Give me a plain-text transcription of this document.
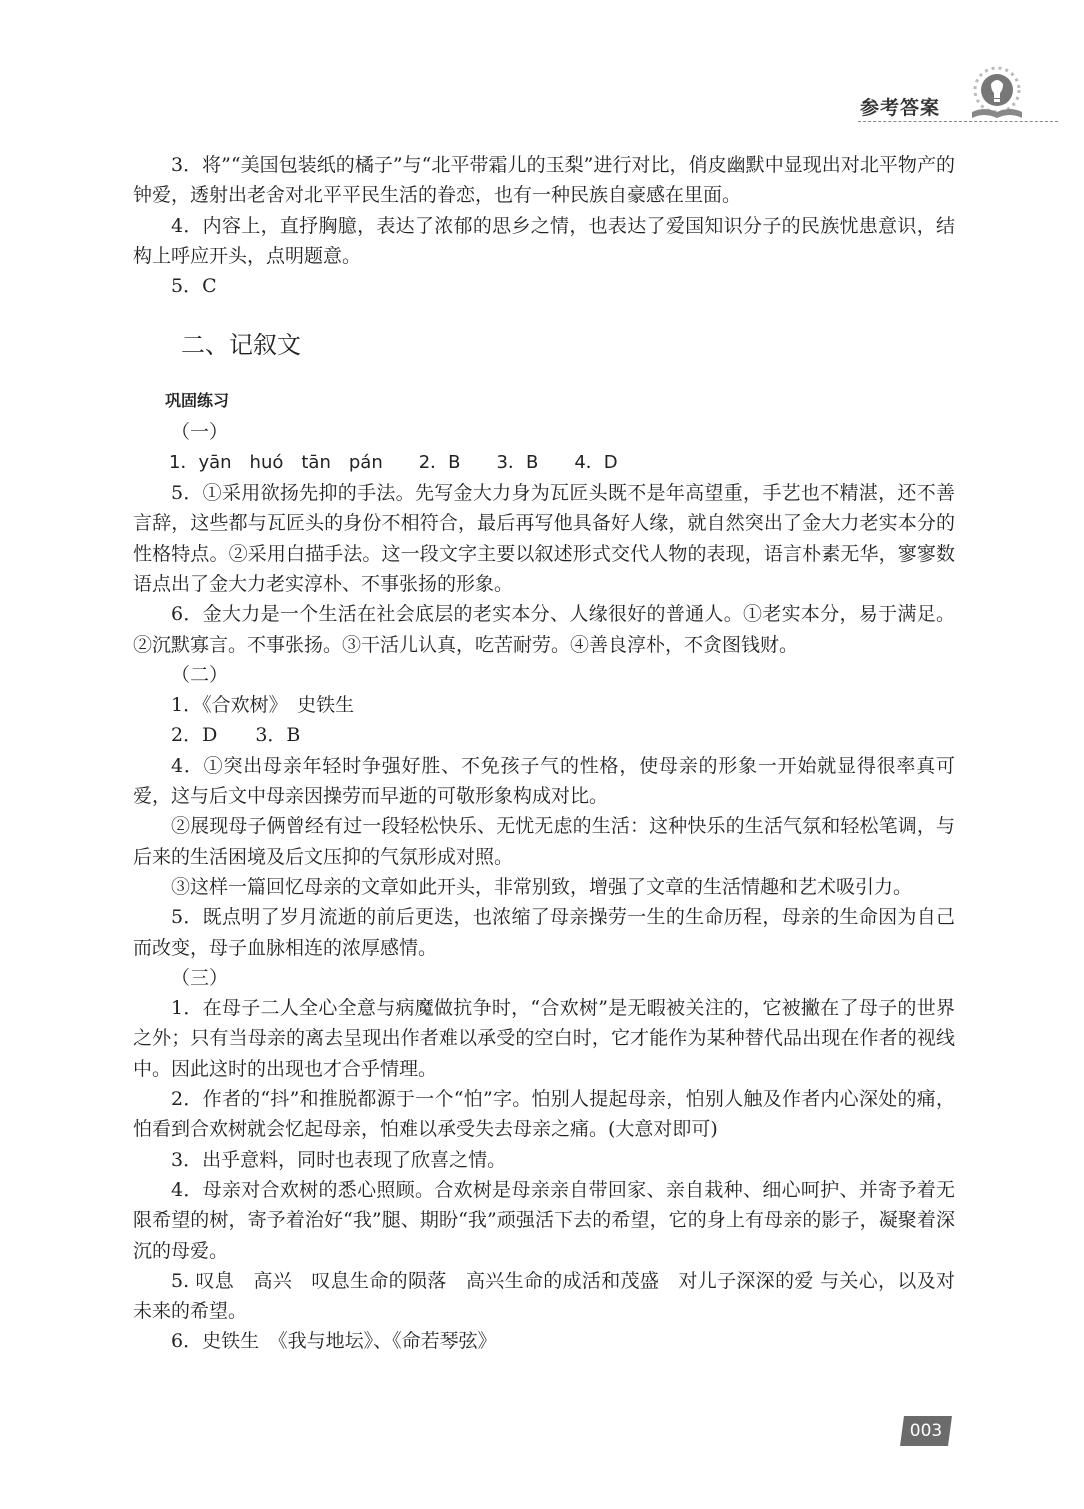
参考答案

3．将”“美国包装纸的橘子”与“北平带霜儿的玉梨”进行对比，俏皮幽默中显现出对北平物产的钟爱，透射出老舍对北平平民生活的眷恋，也有一种民族自豪感在里面。

4．内容上，直抒胸臆，表达了浓郁的思乡之情，也表达了爱国知识分子的民族忧患意识，结构上呼应开头，点明题意。

5．C

二、记叙文
巩固练习

（一）

1．yān　huó　tān　pán　　2．B　　3．B　　4．D

5．①采用欲扬先抑的手法。先写金大力身为瓦匠头既不是年高望重，手艺也不精湛，还不善言辞，这些都与瓦匠头的身份不相符合，最后再写他具备好人缘，就自然突出了金大力老实本分的性格特点。②采用白描手法。这一段文字主要以叙述形式交代人物的表现，语言朴素无华，寥寥数语点出了金大力老实淳朴、不事张扬的形象。

6．金大力是一个生活在社会底层的老实本分、人缘很好的普通人。①老实本分，易于满足。②沉默寡言。不事张扬。③干活儿认真，吃苦耐劳。④善良淳朴，不贪图钱财。

（二）

1．《合欢树》　史铁生

2．D　　3．B

4．①突出母亲年轻时争强好胜、不免孩子气的性格，使母亲的形象一开始就显得很率真可爱，这与后文中母亲因操劳而早逝的可敬形象构成对比。

②展现母子俩曾经有过一段轻松快乐、无忧无虑的生活：这种快乐的生活气氛和轻松笔调，与后来的生活困境及后文压抑的气氛形成对照。

③这样一篇回忆母亲的文章如此开头，非常别致，增强了文章的生活情趣和艺术吸引力。

5．既点明了岁月流逝的前后更迭，也浓缩了母亲操劳一生的生命历程，母亲的生命因为自己而改变，母子血脉相连的浓厚感情。

（三）

1．在母子二人全心全意与病魔做抗争时，“合欢树”是无暇被关注的，它被撇在了母子的世界之外；只有当母亲的离去呈现出作者难以承受的空白时，它才能作为某种替代品出现在作者的视线中。因此这时的出现也才合乎情理。

2．作者的“抖”和推脱都源于一个“怕”字。怕别人提起母亲，怕别人触及作者内心深处的痛，怕看到合欢树就会忆起母亲，怕难以承受失去母亲之痛。(大意对即可)

3．出乎意料，同时也表现了欣喜之情。

4．母亲对合欢树的悉心照顾。合欢树是母亲亲自带回家、亲自栽种、细心呵护、并寄予着无限希望的树，寄予着治好“我”腿、期盼“我”顽强活下去的希望，它的身上有母亲的影子，凝聚着深沉的母爱。

5. 叹息　高兴　叹息生命的陨落　高兴生命的成活和茂盛　对儿子深深的爱 与关心，以及对未来的希望。

6．史铁生　《我与地坛》、《命若琴弦》

003
